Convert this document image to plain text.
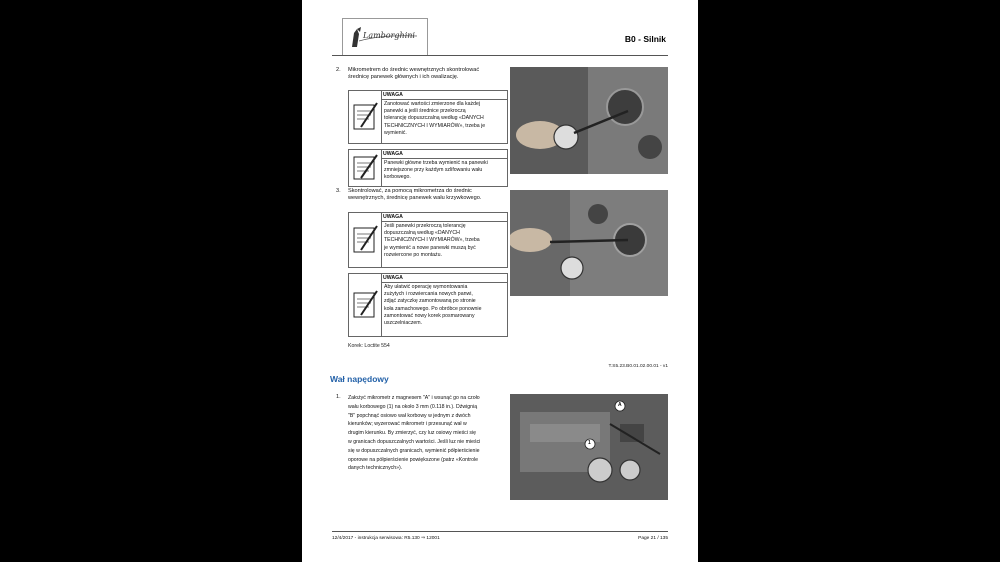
Lamborghini	B0 - Silnik
2. Mikrometrem do średnic wewnętrznych skontrolować
średnicę panewek głównych i ich owalizację.
UWAGA
Zanotować wartości zmierzone dla każdej
panewki a jeśli średnice przekroczą
tolerancję dopuszczalną według «DANYCH
TECHNICZNYCH I WYMIARÓW», trzeba je
wymienić.
UWAGA
Panewki główne trzeba wymienić na panewki
zmniejszone przy każdym szlifowaniu wału
korbowego.
3. Skontrolować, za pomocą mikrometrza do średnic
wewnętrznych, średnicę panewek wału krzywkowego.
UWAGA
Jeśli panewki przekroczą tolerancję
dopuszczalną według «DANYCH
TECHNICZNYCH I WYMIARÓW», trzeba
je wymienić a nowe panewki muszą być
rozwiercone po montażu.
UWAGA
Aby ułatwić operację wymontowania
zużytych i rozwiercania nowych panwi,
zdjąć zatyczkę zamontowaną po stronie
koła zamachowego. Po obróbce ponownie
zamontować nowy korek posmarowany
uszczelniaczem.
Korek: Loctite 554
T.S5.23.B0.01.02.00.01 - v1
Wał napędowy
1. Założyć mikrometr z magnesem "A" i wsunąć go na czoło
wału korbowego (1) na około 3 mm (0.118 in.). Dźwignią
"B" popchnąć osiowo wał korbowy w jednym z dwóch
kierunków; wyzerować mikrometr i przesunąć wał w
drugim kierunku. By zmierzyć, czy luz osiowy mieści się
w granicach dopuszczalnych wartości. Jeśli luz nie mieści
się w dopuszczalnych granicach, wymienić półpierścienie
oporowe na półpierścienie powiększone (patrz «Kontrole
danych technicznych»).
A
1
12/4/2017 - instrukcja serwisowa: R5.130 ⇒ 12001	Page 21 / 135
